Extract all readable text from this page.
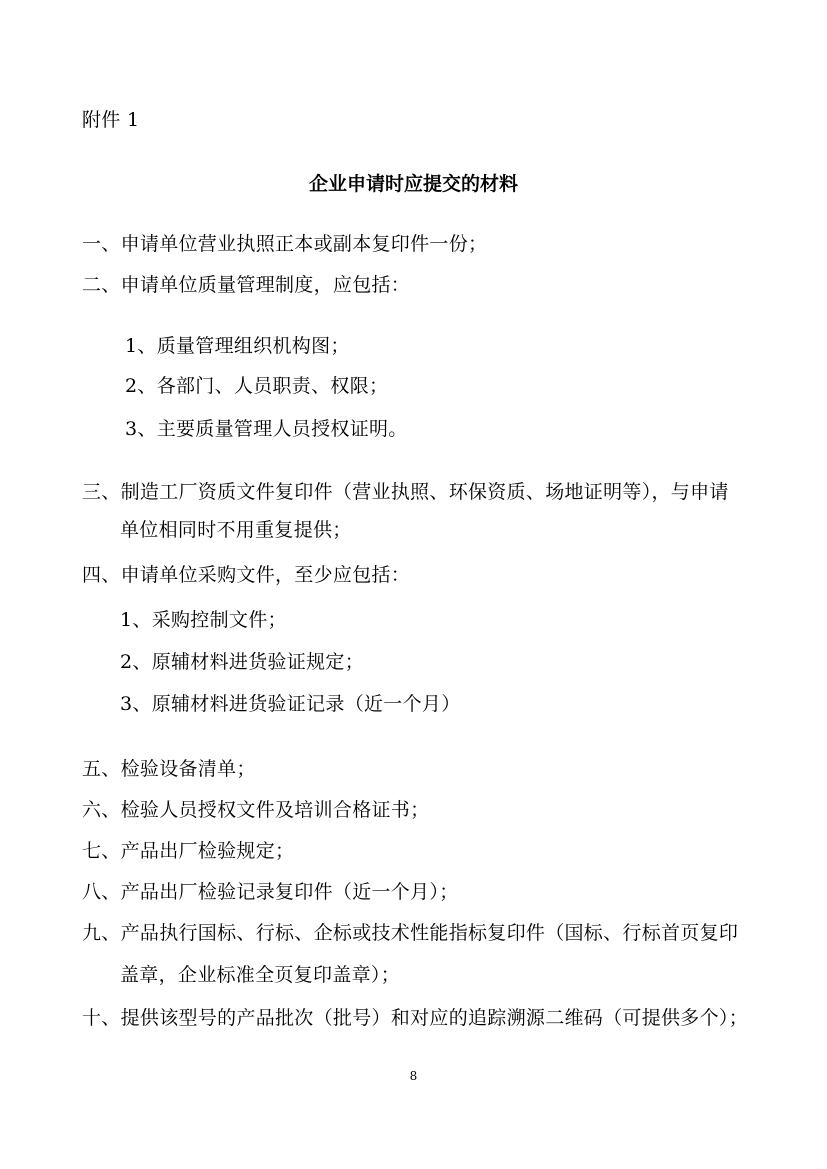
附件 1
企业申请时应提交的材料
一、申请单位营业执照正本或副本复印件一份；
二、申请单位质量管理制度，应包括：
1、质量管理组织机构图；
2、各部门、人员职责、权限；
3、主要质量管理人员授权证明。
三、制造工厂资质文件复印件（营业执照、环保资质、场地证明等），与申请
单位相同时不用重复提供；
四、申请单位采购文件，至少应包括：
1、采购控制文件；
2、原辅材料进货验证规定；
3、原辅材料进货验证记录（近一个月）
五、检验设备清单；
六、检验人员授权文件及培训合格证书；
七、产品出厂检验规定；
八、产品出厂检验记录复印件（近一个月）；
九、产品执行国标、行标、企标或技术性能指标复印件（国标、行标首页复印
盖章，企业标准全页复印盖章）；
十、提供该型号的产品批次（批号）和对应的追踪溯源二维码（可提供多个）；
8
